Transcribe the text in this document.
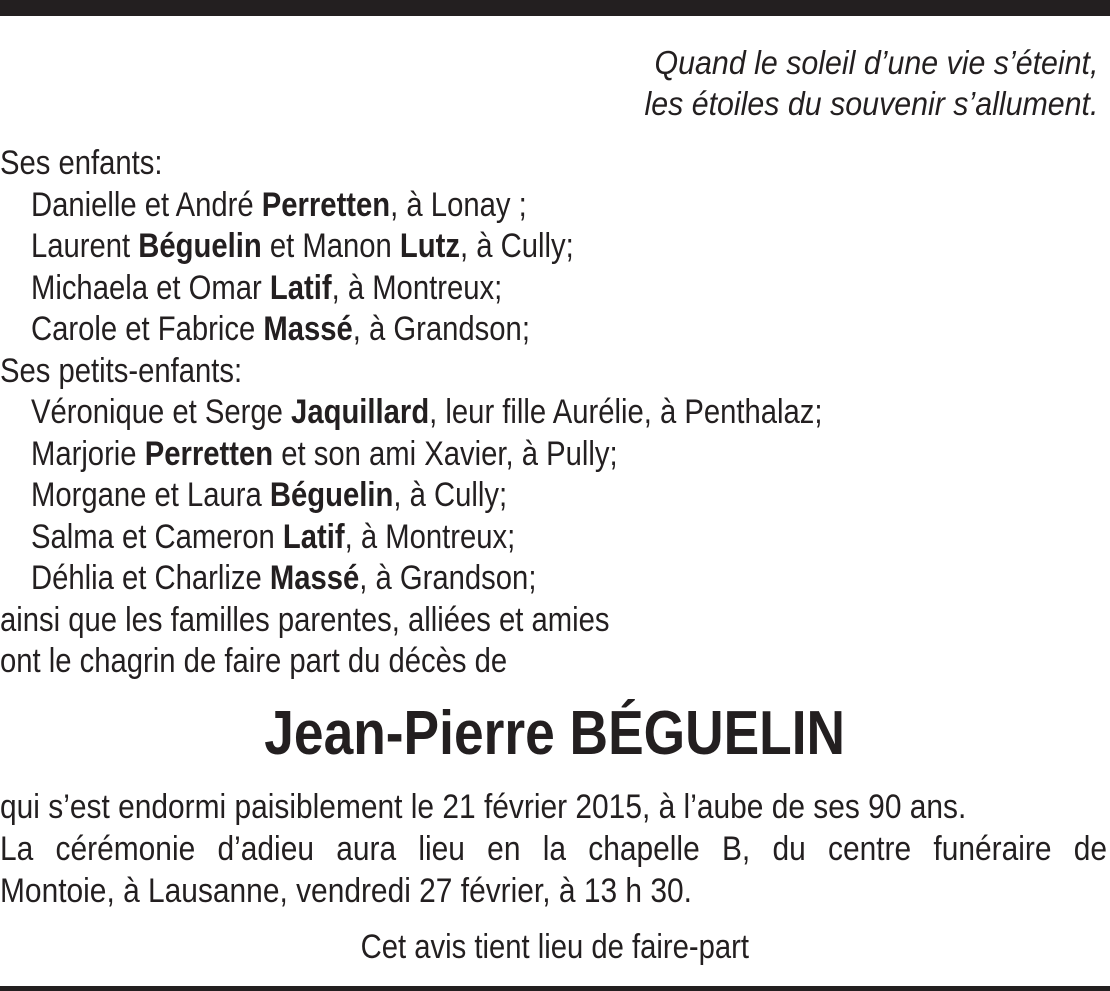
Quand le soleil d’une vie s’éteint,
les étoiles du souvenir s’allument.
Ses enfants:
Danielle et André Perretten, à Lonay ;
Laurent Béguelin et Manon Lutz, à Cully;
Michaela et Omar Latif, à Montreux;
Carole et Fabrice Massé, à Grandson;
Ses petits-enfants:
Véronique et Serge Jaquillard, leur fille Aurélie, à Penthalaz;
Marjorie Perretten et son ami Xavier, à Pully;
Morgane et Laura Béguelin, à Cully;
Salma et Cameron Latif, à Montreux;
Déhlia et Charlize Massé, à Grandson;
ainsi que les familles parentes, alliées et amies
ont le chagrin de faire part du décès de
Jean-Pierre BÉGUELIN
qui s’est endormi paisiblement le 21 février 2015, à l’aube de ses 90 ans.
La cérémonie d’adieu aura lieu en la chapelle B, du centre funéraire de
Montoie, à Lausanne, vendredi 27 février, à 13 h 30.
Cet avis tient lieu de faire-part
